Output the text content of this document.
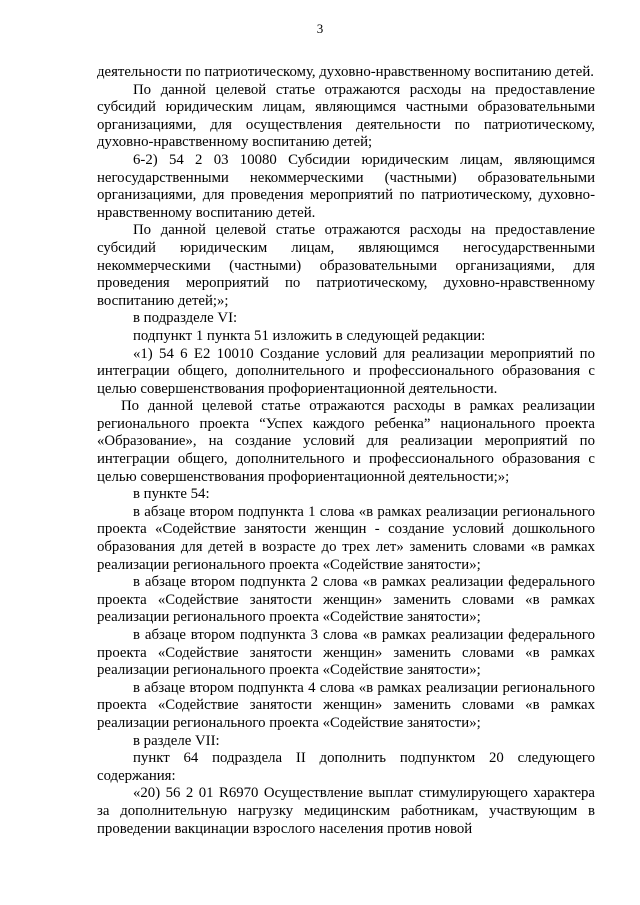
3

деятельности по патриотическому, духовно-нравственному воспитанию детей.

По данной целевой статье отражаются расходы на предоставление субсидий юридическим лицам, являющимся частными образовательными организациями, для осуществления деятельности по патриотическому, духовно-нравственному воспитанию детей;

6-2) 54 2 03 10080 Субсидии юридическим лицам, являющимся негосударственными некоммерческими (частными) образовательными организациями, для проведения мероприятий по патриотическому, духовно-нравственному воспитанию детей.

По данной целевой статье отражаются расходы на предоставление субсидий юридическим лицам, являющимся негосударственными некоммерческими (частными) образовательными организациями, для проведения мероприятий по патриотическому, духовно-нравственному воспитанию детей;»;

в подразделе VI:

подпункт 1 пункта 51 изложить в следующей редакции:

«1) 54 6 Е2 10010 Создание условий для реализации мероприятий по интеграции общего, дополнительного и профессионального образования с целью совершенствования профориентационной деятельности.

По данной целевой статье отражаются расходы в рамках реализации регионального проекта “Успех каждого ребенка” национального проекта «Образование», на создание условий для реализации мероприятий по интеграции общего, дополнительного и профессионального образования с целью совершенствования профориентационной деятельности;»;

в пункте 54:

в абзаце втором подпункта 1 слова «в рамках реализации регионального проекта «Содействие занятости женщин - создание условий дошкольного образования для детей в возрасте до трех лет» заменить словами «в рамках реализации регионального проекта «Содействие занятости»;

в абзаце втором подпункта 2 слова «в рамках реализации федерального проекта «Содействие занятости женщин» заменить словами «в рамках реализации регионального проекта «Содействие занятости»;

в абзаце втором подпункта 3 слова «в рамках реализации федерального проекта «Содействие занятости женщин» заменить словами «в рамках реализации регионального проекта «Содействие занятости»;

в абзаце втором подпункта 4 слова «в рамках реализации регионального проекта «Содействие занятости женщин» заменить словами «в рамках реализации регионального проекта «Содействие занятости»;

в разделе VII:

пункт 64 подраздела II дополнить подпунктом 20 следующего содержания:

«20) 56 2 01 R6970 Осуществление выплат стимулирующего характера за дополнительную нагрузку медицинским работникам, участвующим в проведении вакцинации взрослого населения против новой
